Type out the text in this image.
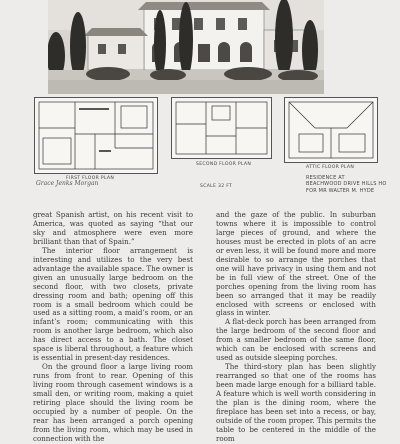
FIRST FLOOR PLAN
SECOND FLOOR PLAN
ATTIC FLOOR PLAN
SCALE 32 FT
RESIDENCE AT
BEACHWOOD DRIVE HILLS HO
FOR MR WALTER M. HYDE
Grace Jenks Morgan

great Spanish artist, on his recent visit to America, was quoted as saying “that our sky and atmosphere were even more brilliant than that of Spain.”

The interior floor arrangement is interesting and utilizes to the very best advantage the available space. The owner is given an unusually large bedroom on the second floor, with two closets, private dressing room and bath; opening off this room is a small bedroom which could be used as a sitting room, a maid’s room, or an infant’s room; communicating with this room is another large bedroom, which also has direct access to a bath. The closet space is liberal throughout, a feature which is essential in present-day residences.

On the ground floor a large living room runs from front to rear. Opening of this living room through casement windows is a small den, or writing room, making a quiet retiring place should the living room be occupied by a number of people. On the rear has been arranged a porch opening from the living room, which may be used in connection with the

and the gaze of the public. In suburban towns where it is impossible to control large pieces of ground, and where the houses must be erected in plots of an acre or even less, it will be found more and more desirable to so arrange the porches that one will have privacy in using them and not be in full view of the street. One of the porches opening from the living room has been so arranged that it may be readily enclosed with screens or enclosed with glass in winter.

A flat-deck porch has been arranged from the large bedroom of the second floor and from a smaller bedroom of the same floor, which can be enclosed with screens and used as outside sleeping porches.

The third-story plan has been slightly rearranged so that one of the rooms has been made large enough for a billiard table. A feature which is well worth considering in the plan is the dining room, where the fireplace has been set into a recess, or bay, outside of the room proper. This permits the table to be centered in the middle of the room
